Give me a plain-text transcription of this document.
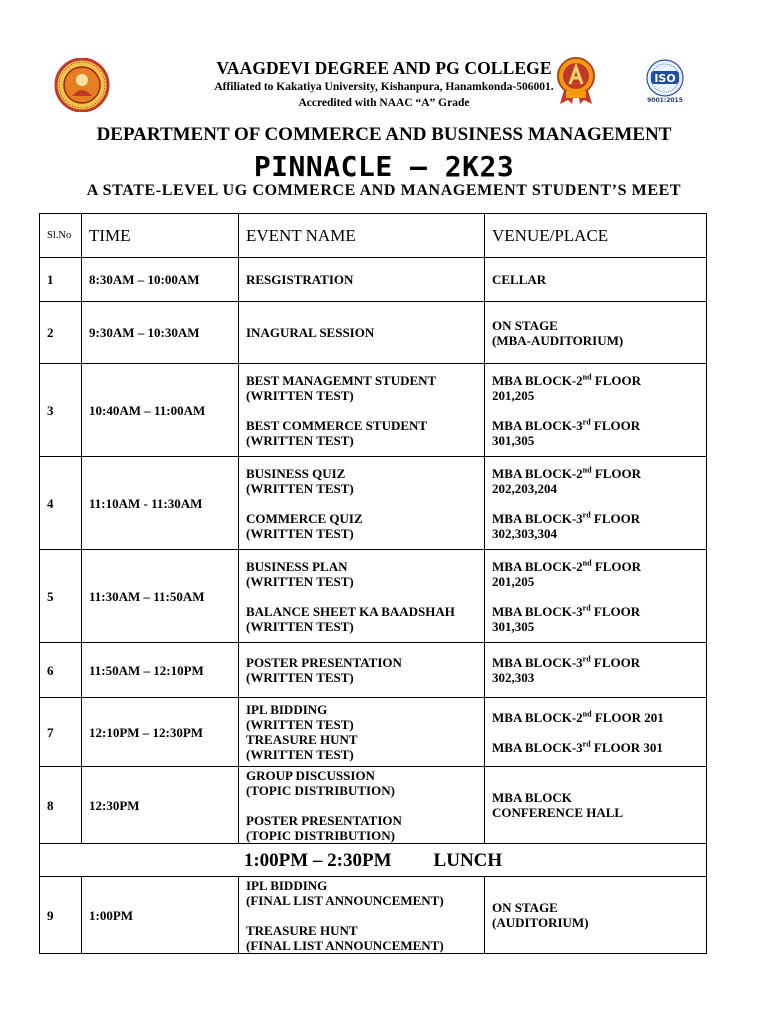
ISO
9001:2015
VAAGDEVI DEGREE AND PG COLLEGE
Affiliated to Kakatiya University, Kishanpura, Hanamkonda-506001.
Accredited with NAAC “A” Grade
DEPARTMENT OF COMMERCE AND BUSINESS MANAGEMENT
PINNACLE – 2K23
A STATE-LEVEL UG COMMERCE AND MANAGEMENT STUDENT’S MEET
Sl.No	TIME	EVENT NAME	VENUE/PLACE
1	8:30AM – 10:00AM	RESGISTRATION	CELLAR

2	9:30AM – 10:30AM	INAGURAL SESSION	ON STAGE
(MBA-AUDITORIUM)

3	10:40AM – 11:00AM	BEST MANAGEMNT STUDENT
(WRITTEN TEST)
BEST COMMERCE STUDENT
(WRITTEN TEST)	MBA BLOCK-2nd FLOOR
201,205
MBA BLOCK-3rd FLOOR
301,305

4	11:10AM - 11:30AM	BUSINESS QUIZ
(WRITTEN TEST)
COMMERCE QUIZ
(WRITTEN TEST)	MBA BLOCK-2nd FLOOR
202,203,204
MBA BLOCK-3rd FLOOR
302,303,304

5	11:30AM – 11:50AM	BUSINESS PLAN
(WRITTEN TEST)
BALANCE SHEET KA BAADSHAH
(WRITTEN TEST)	MBA BLOCK-2nd FLOOR
201,205
MBA BLOCK-3rd FLOOR
301,305

6	11:50AM – 12:10PM	POSTER PRESENTATION
(WRITTEN TEST)	MBA BLOCK-3rd FLOOR
302,303

7	12:10PM – 12:30PM	IPL BIDDING
(WRITTEN TEST)
TREASURE HUNT
(WRITTEN TEST)	MBA BLOCK-2nd FLOOR 201
MBA BLOCK-3rd FLOOR 301

8	12:30PM	GROUP DISCUSSION
(TOPIC DISTRIBUTION)
POSTER PRESENTATION
(TOPIC DISTRIBUTION)	MBA BLOCK
CONFERENCE HALL

1:00PM – 2:30PM LUNCH			
9	1:00PM	IPL BIDDING
(FINAL LIST ANNOUNCEMENT)
TREASURE HUNT
(FINAL LIST ANNOUNCEMENT)	ON STAGE
(AUDITORIUM)
